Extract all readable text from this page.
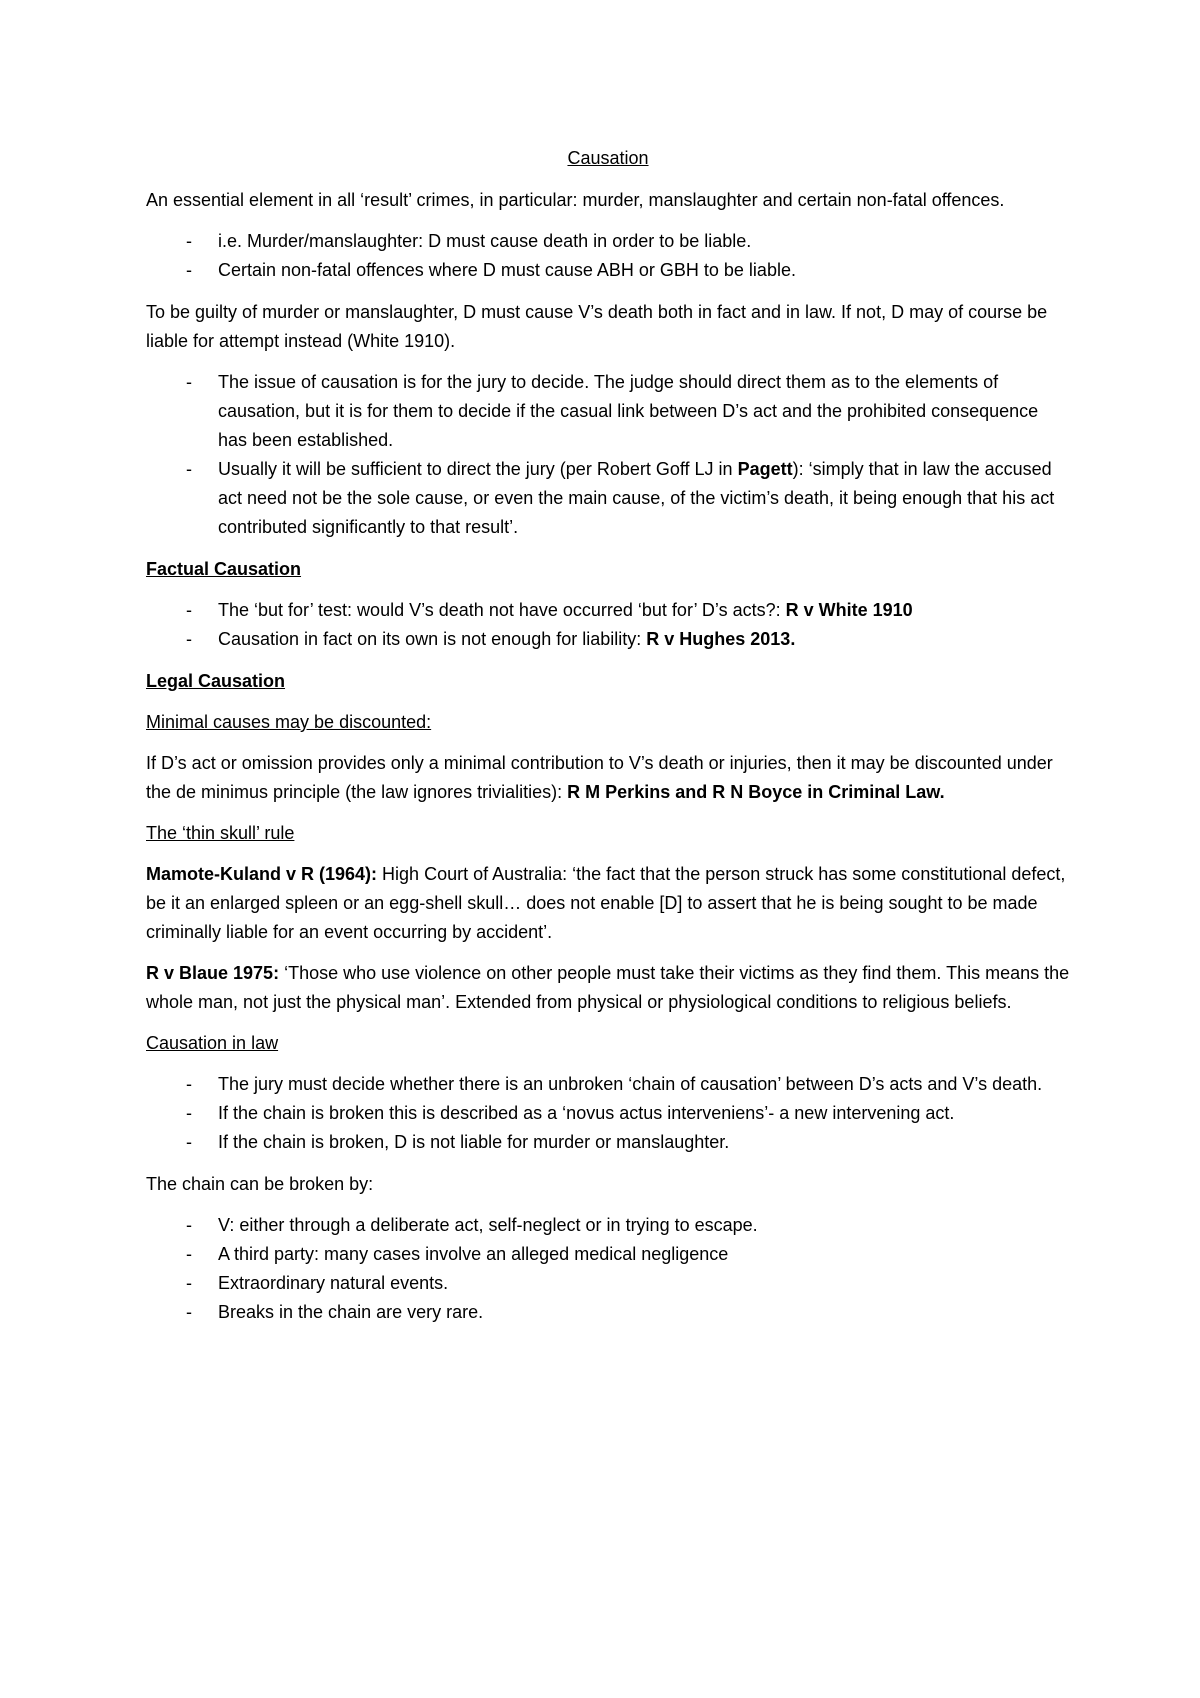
Causation

An essential element in all ‘result’ crimes, in particular: murder, manslaughter and certain non-fatal offences.

- i.e. Murder/manslaughter: D must cause death in order to be liable.
- Certain non-fatal offences where D must cause ABH or GBH to be liable.

To be guilty of murder or manslaughter, D must cause V’s death both in fact and in law. If not, D may of course be liable for attempt instead (White 1910).

- The issue of causation is for the jury to decide. The judge should direct them as to the elements of causation, but it is for them to decide if the casual link between D’s act and the prohibited consequence has been established.
- Usually it will be sufficient to direct the jury (per Robert Goff LJ in Pagett): ‘simply that in law the accused act need not be the sole cause, or even the main cause, of the victim’s death, it being enough that his act contributed significantly to that result’.

Factual Causation

- The ‘but for’ test: would V’s death not have occurred ‘but for’ D’s acts?: R v White 1910
- Causation in fact on its own is not enough for liability: R v Hughes 2013.

Legal Causation

Minimal causes may be discounted:

If D’s act or omission provides only a minimal contribution to V’s death or injuries, then it may be discounted under the de minimus principle (the law ignores trivialities): R M Perkins and R N Boyce in Criminal Law.

The ‘thin skull’ rule

Mamote-Kuland v R (1964): High Court of Australia: ‘the fact that the person struck has some constitutional defect, be it an enlarged spleen or an egg-shell skull… does not enable [D] to assert that he is being sought to be made criminally liable for an event occurring by accident’.

R v Blaue 1975: ‘Those who use violence on other people must take their victims as they find them. This means the whole man, not just the physical man’. Extended from physical or physiological conditions to religious beliefs.

Causation in law

- The jury must decide whether there is an unbroken ‘chain of causation’ between D’s acts and V’s death.
- If the chain is broken this is described as a ‘novus actus interveniens’- a new intervening act.
- If the chain is broken, D is not liable for murder or manslaughter.

The chain can be broken by:

- V: either through a deliberate act, self-neglect or in trying to escape.
- A third party: many cases involve an alleged medical negligence
- Extraordinary natural events.
- Breaks in the chain are very rare.
